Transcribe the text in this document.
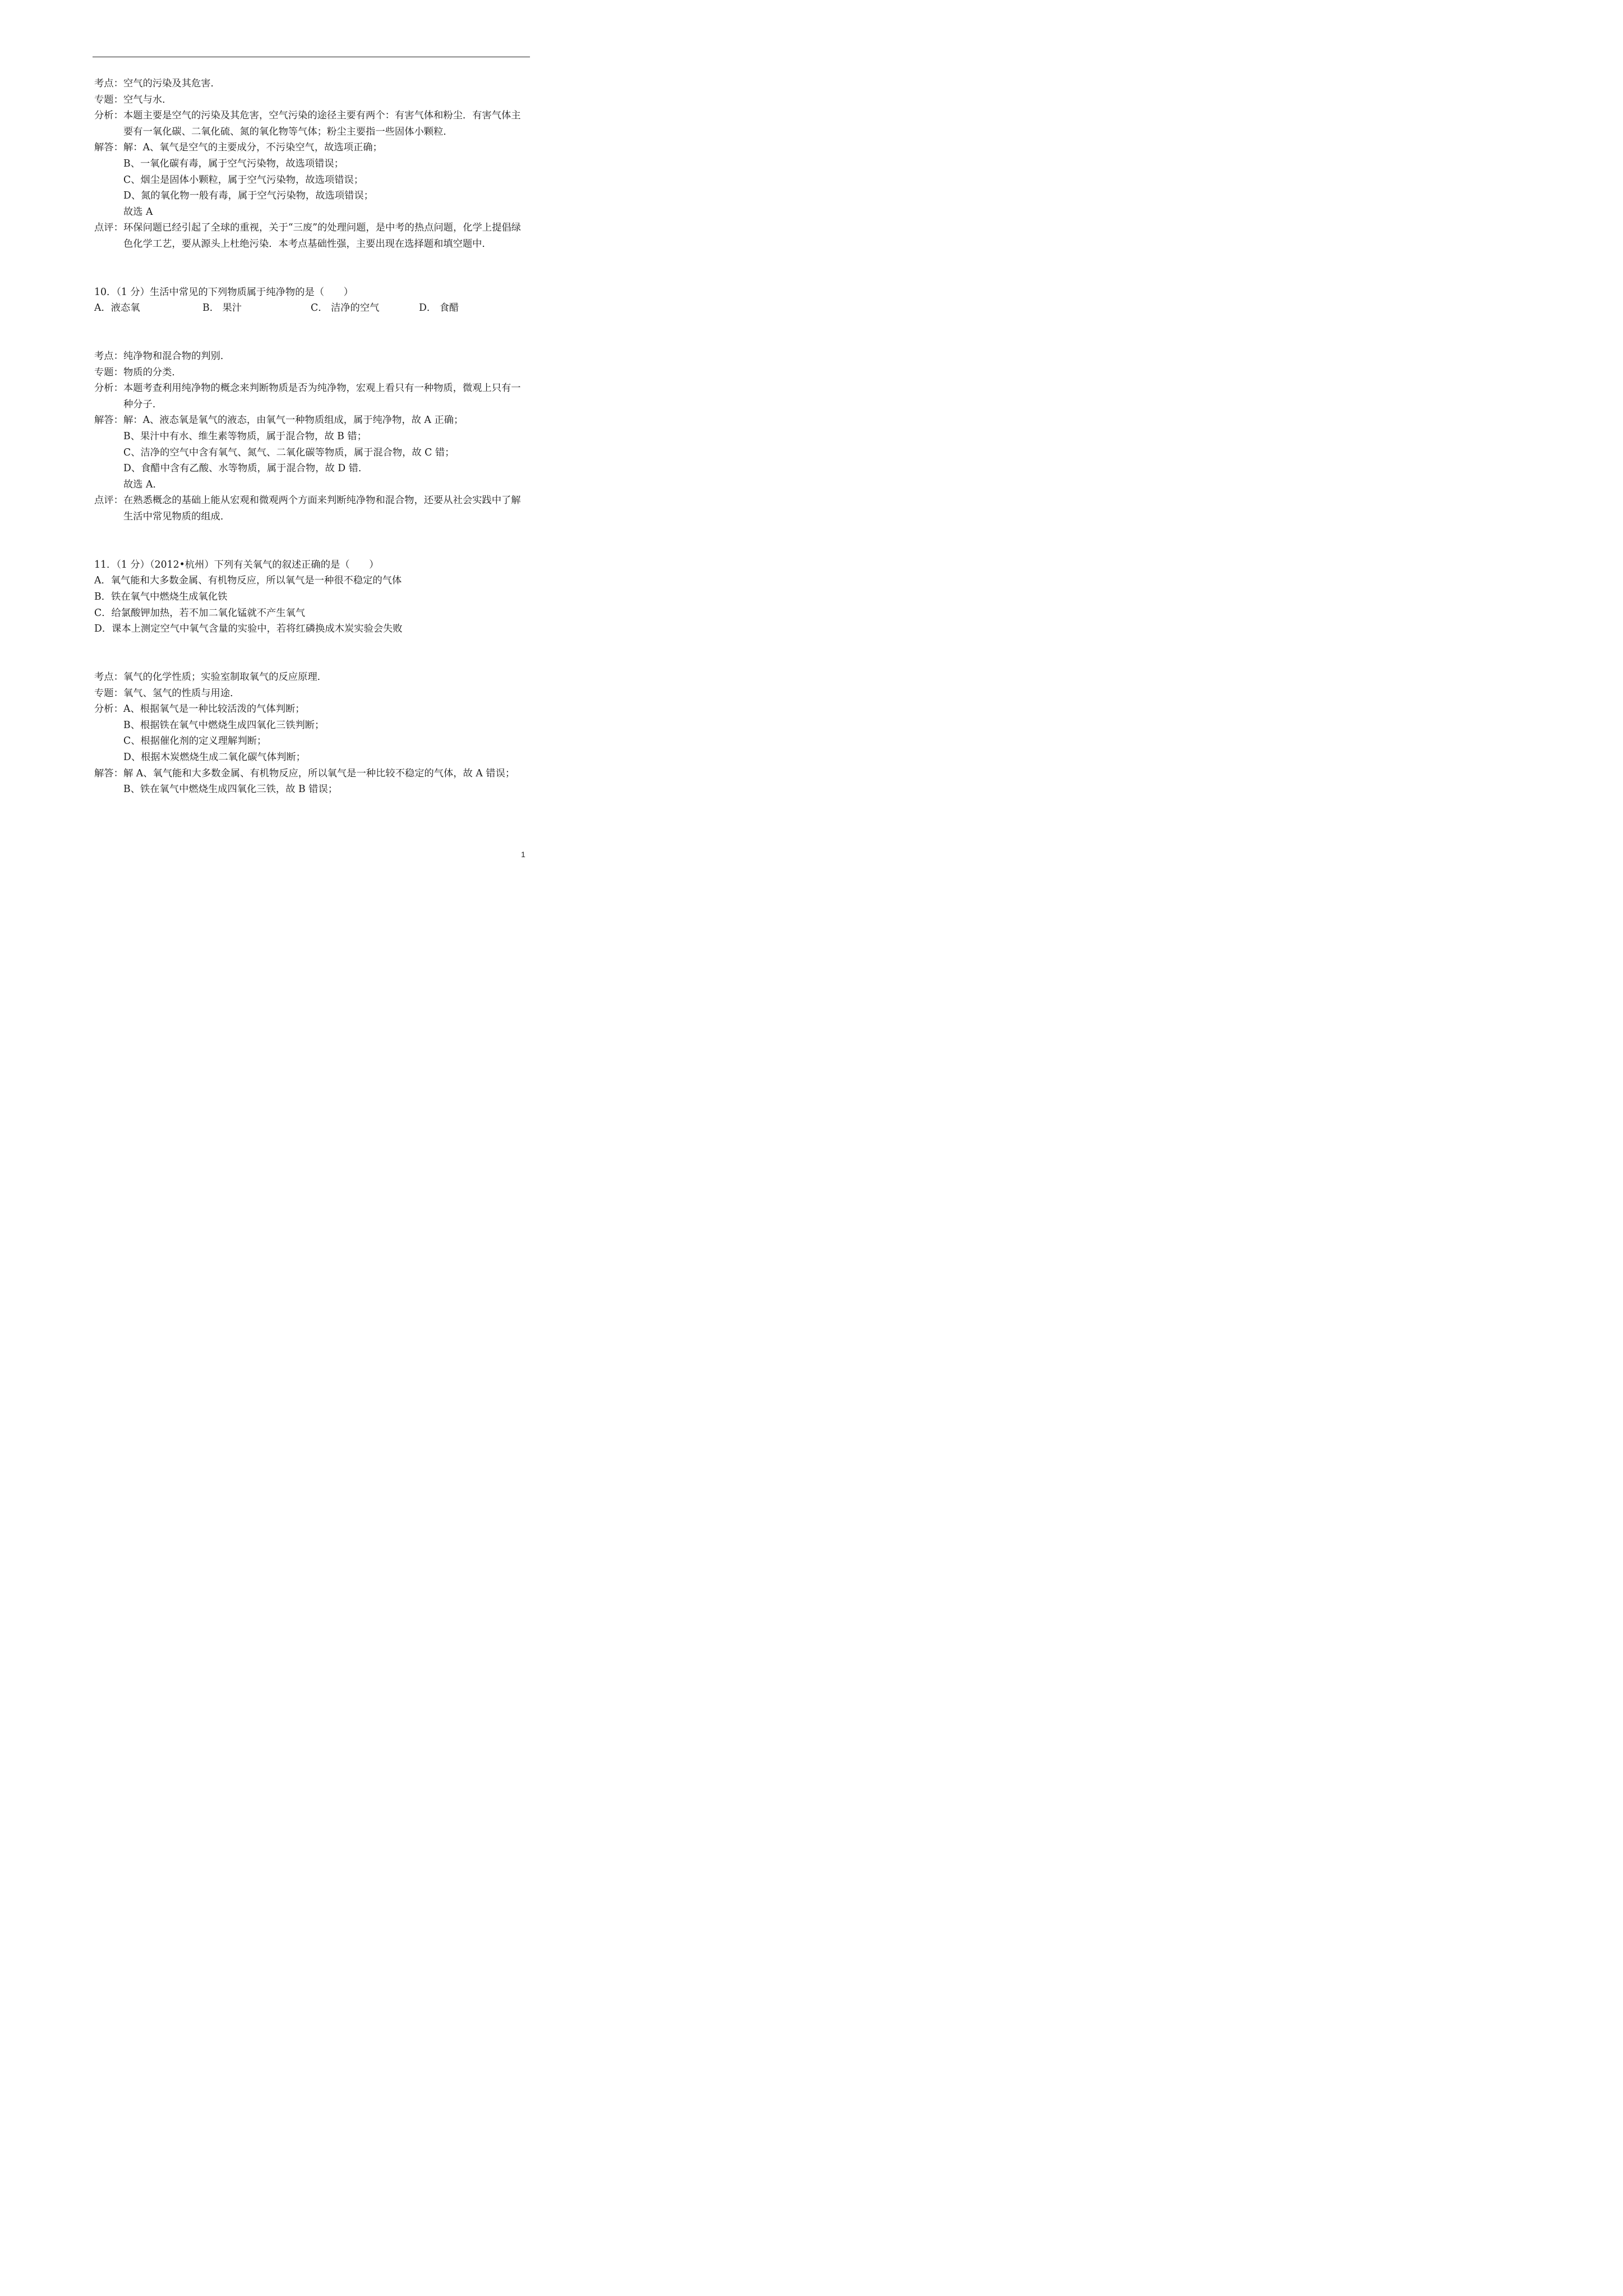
考点： 空气的污染及其危害．
专题： 空气与水．
分析： 本题主要是空气的污染及其危害，空气污染的途径主要有两个：有害气体和粉尘．有害气体主要有一氧化碳、二氧化硫、氮的氧化物等气体；粉尘主要指一些固体小颗粒．
解答： 解：A、氧气是空气的主要成分，不污染空气，故选项正确；
B、一氧化碳有毒，属于空气污染物，故选项错误；
C、烟尘是固体小颗粒，属于空气污染物，故选项错误；
D、氮的氧化物一般有毒，属于空气污染物，故选项错误；
故选 A
点评： 环保问题已经引起了全球的重视，关于“三废”的处理问题，是中考的热点问题，化学上提倡绿色化学工艺，要从源头上杜绝污染．本考点基础性强，主要出现在选择题和填空题中．
10．（1 分）生活中常见的下列物质属于纯净物的是（　　）
A．液态氧	B． 果汁	C． 洁净的空气	D． 食醋
考点： 纯净物和混合物的判别．
专题： 物质的分类．
分析： 本题考查利用纯净物的概念来判断物质是否为纯净物，宏观上看只有一种物质，微观上只有一种分子．
解答： 解：A、液态氧是氧气的液态，由氧气一种物质组成，属于纯净物，故 A 正确；
B、果汁中有水、维生素等物质，属于混合物，故 B 错；
C、洁净的空气中含有氧气、氮气、二氧化碳等物质，属于混合物，故 C 错；
D、食醋中含有乙酸、水等物质，属于混合物，故 D 错．
故选 A．
点评： 在熟悉概念的基础上能从宏观和微观两个方面来判断纯净物和混合物，还要从社会实践中了解生活中常见物质的组成．
11．（1 分）（2012•杭州）下列有关氧气的叙述正确的是（　　）
A．氧气能和大多数金属、有机物反应，所以氧气是一种很不稳定的气体
B．铁在氧气中燃烧生成氧化铁
C．给氯酸钾加热，若不加二氧化锰就不产生氧气
D．课本上测定空气中氧气含量的实验中，若将红磷换成木炭实验会失败
考点： 氧气的化学性质；实验室制取氧气的反应原理．
专题： 氧气、氢气的性质与用途．
分析： A、根据氧气是一种比较活泼的气体判断；
B、根据铁在氧气中燃烧生成四氧化三铁判断；
C、根据催化剂的定义理解判断；
D、根据木炭燃烧生成二氧化碳气体判断；
解答： 解 A、氧气能和大多数金属、有机物反应，所以氧气是一种比较不稳定的气体，故 A 错误；
B、铁在氧气中燃烧生成四氧化三铁，故 B 错误；
1
